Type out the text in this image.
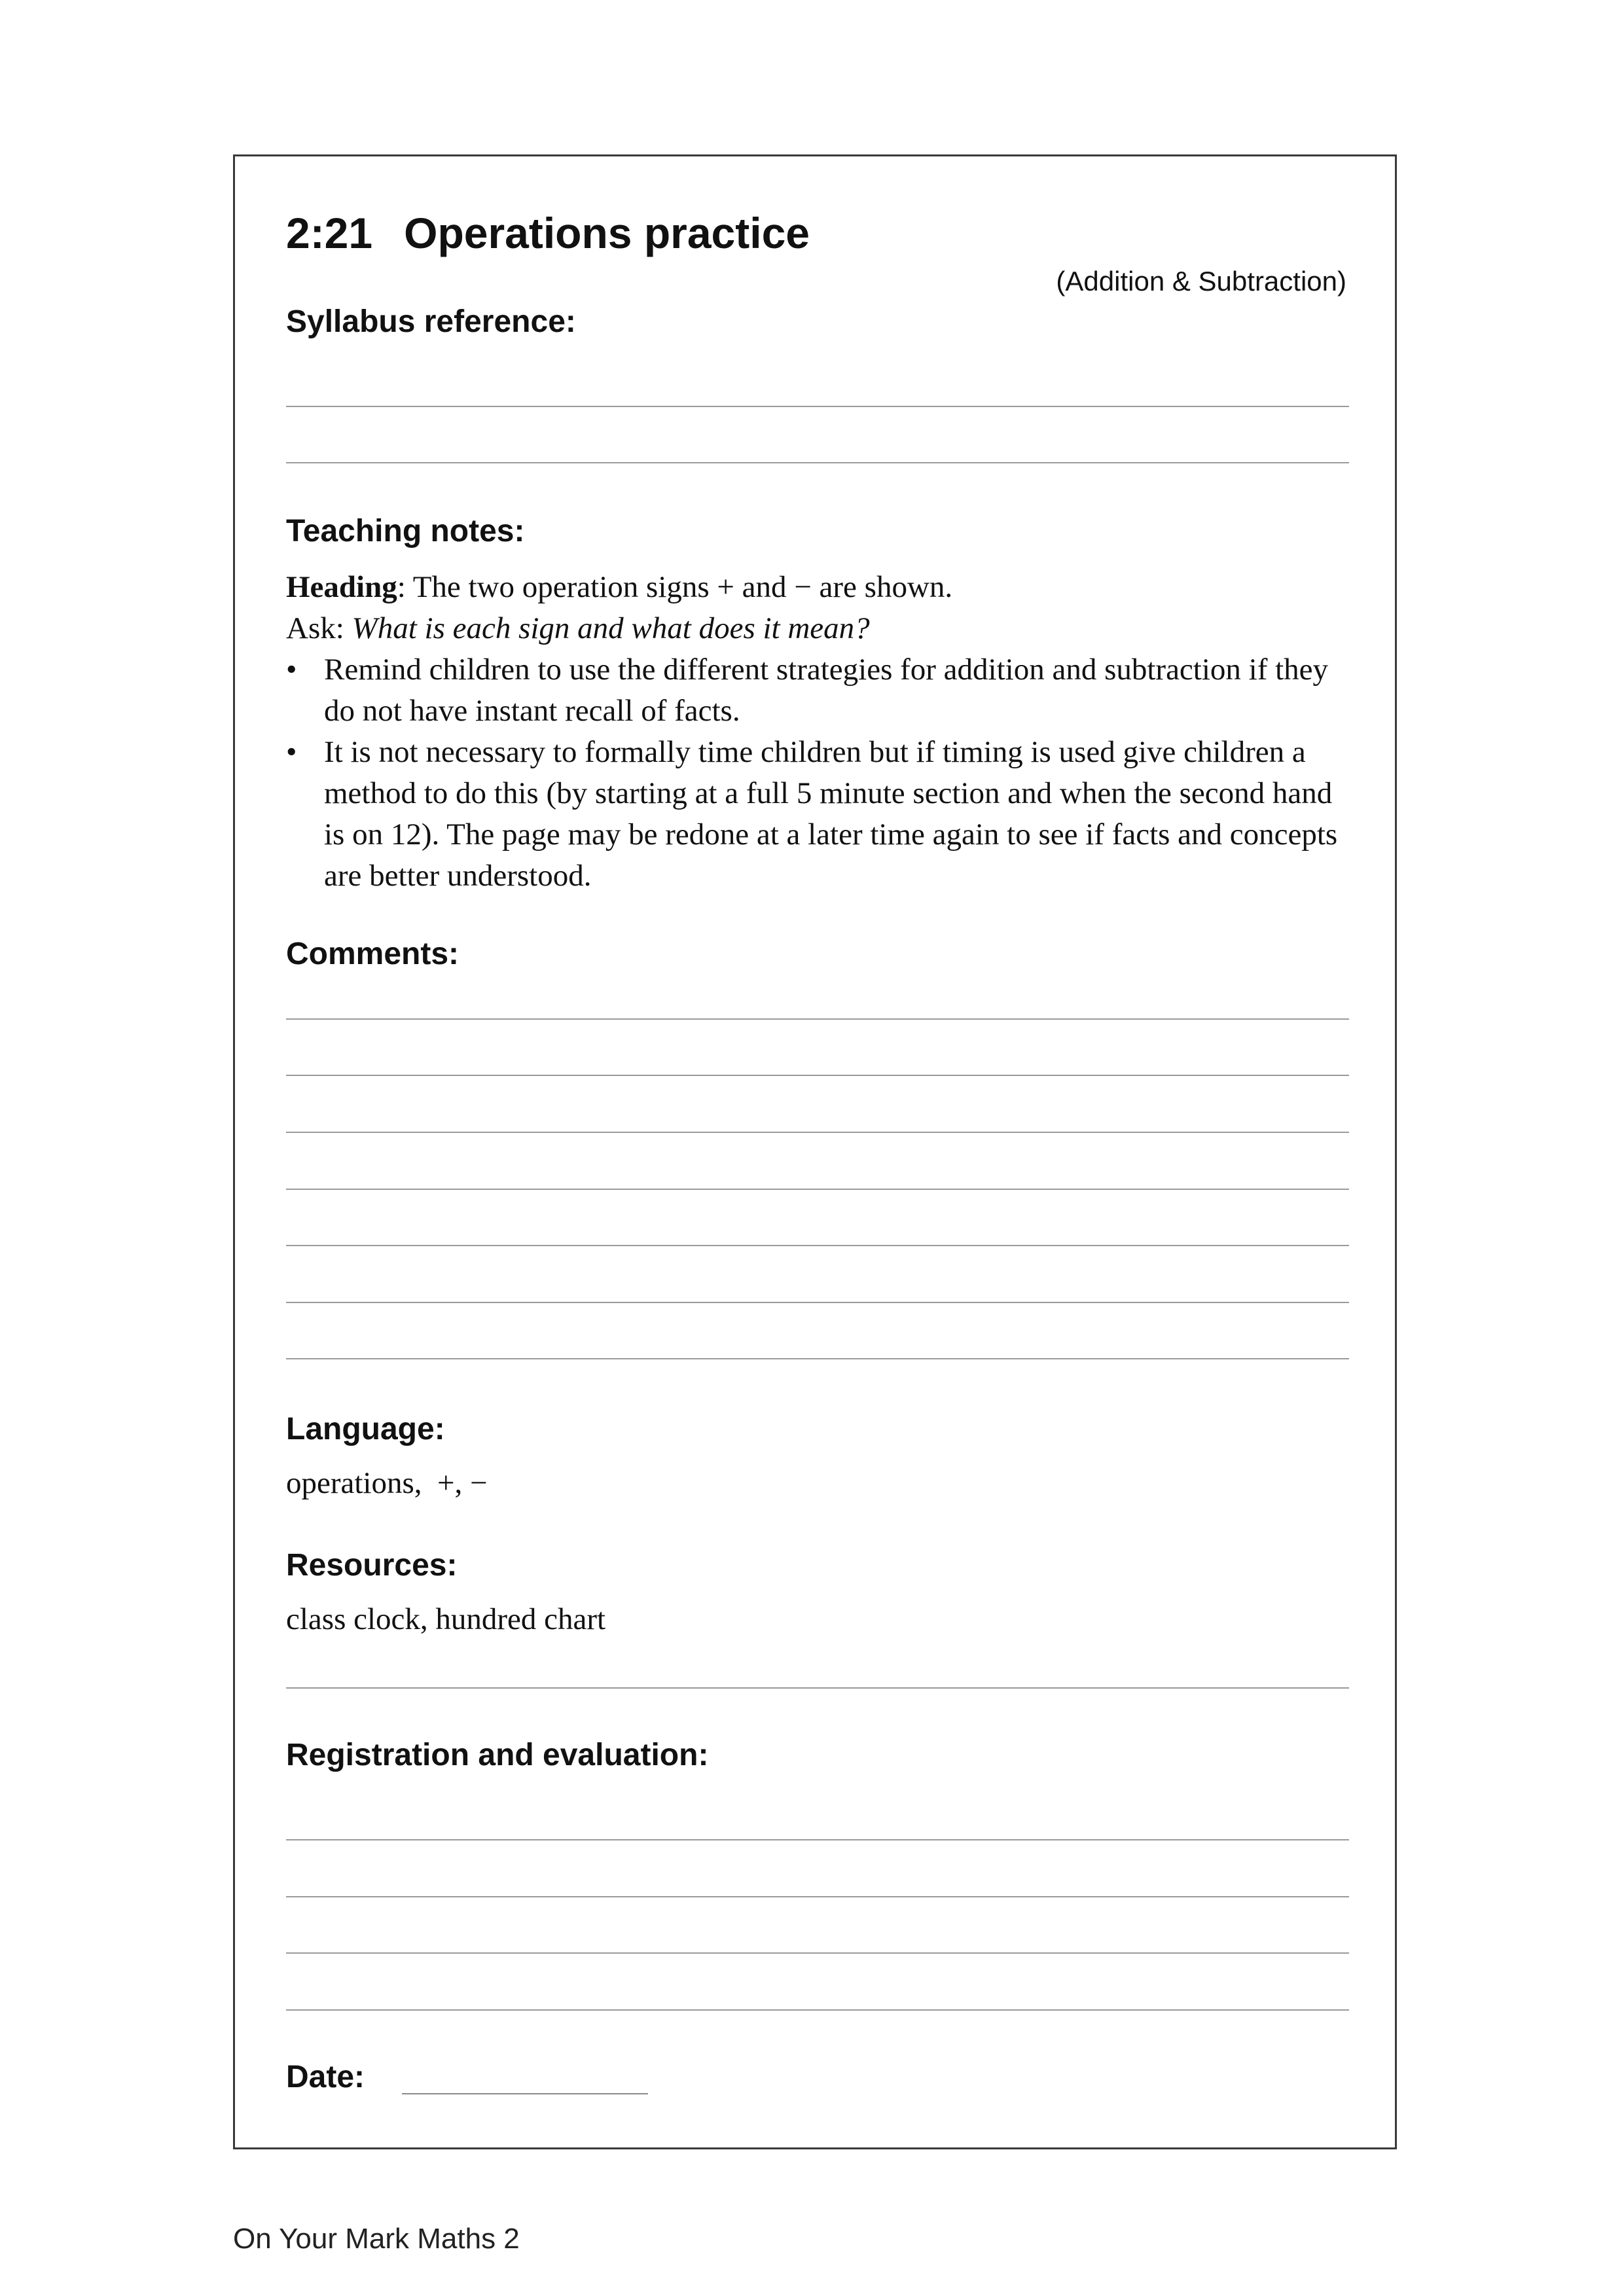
2:21 Operations practice
(Addition & Subtraction)
Syllabus reference:
Teaching notes:

Heading: The two operation signs + and − are shown.

Ask: What is each sign and what does it mean?

• Remind children to use the different strategies for addition and subtraction if they do not have instant recall of facts.
• It is not necessary to formally time children but if timing is used give children a method to do this (by starting at a full 5 minute section and when the second hand is on 12). The page may be redone at a later time again to see if facts and concepts are better understood.
Comments:
Language:
operations,  +, −
Resources:
class clock, hundred chart
Registration and evaluation:
Date:
On Your Mark Maths 2
